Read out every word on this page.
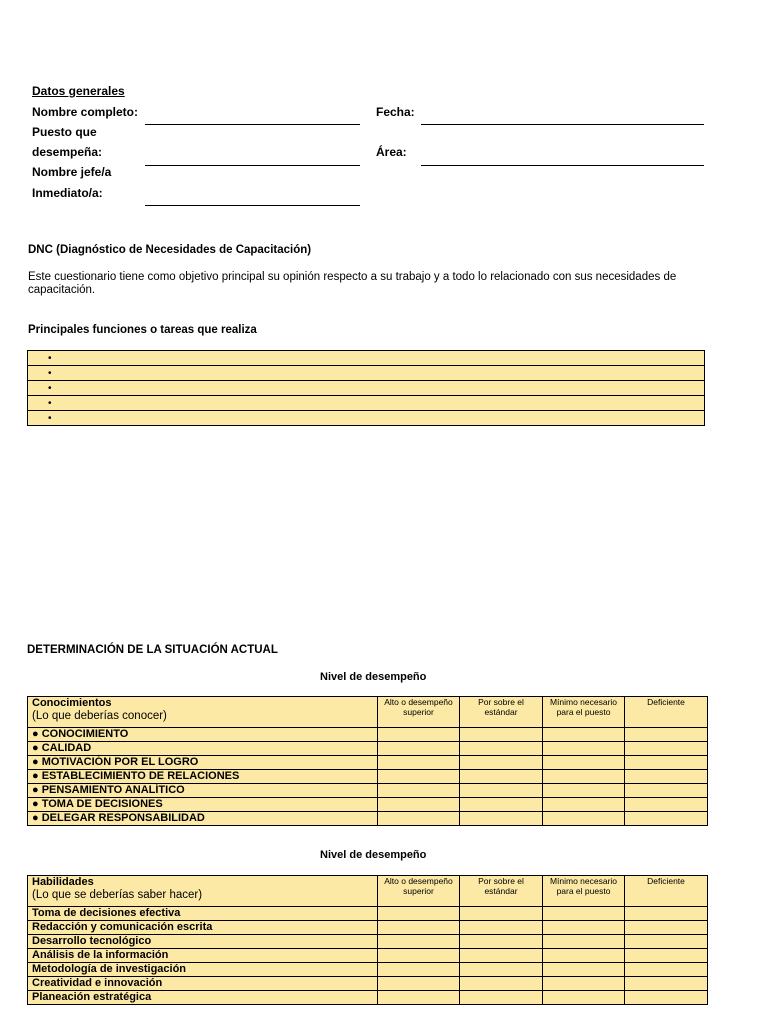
Datos generales
Nombre completo:	Fecha:
Puesto que
desempeña:	Área:
Nombre jefe/a
Inmediato/a:
DNC (Diagnóstico de Necesidades de Capacitación)
Este cuestionario tiene como objetivo principal su opinión respecto a su trabajo y a todo lo relacionado con sus necesidades de capacitación.
Principales funciones o tareas que realiza
•
•
•
•
•
DETERMINACIÓN DE LA SITUACIÓN ACTUAL
Nivel de desempeño
Conocimientos
(Lo que deberías conocer)	Alto o desempeño superior	Por sobre el estándar	Mínimo necesario para el puesto	Deficiente
● CONOCIMIENTO				
● CALIDAD				
● MOTIVACIÓN POR EL LOGRO				
● ESTABLECIMIENTO DE RELACIONES				
● PENSAMIENTO ANALÍTICO				
● TOMA DE DECISIONES				
● DELEGAR RESPONSABILIDAD				
Nivel de desempeño
Habilidades
(Lo que se deberías saber hacer)	Alto o desempeño superior	Por sobre el estándar	Mínimo necesario para el puesto	Deficiente
Toma de decisiones efectiva				
Redacción y comunicación escrita				
Desarrollo tecnológico				
Análisis de la información				
Metodología de investigación				
Creatividad e innovación				
Planeación estratégica				
